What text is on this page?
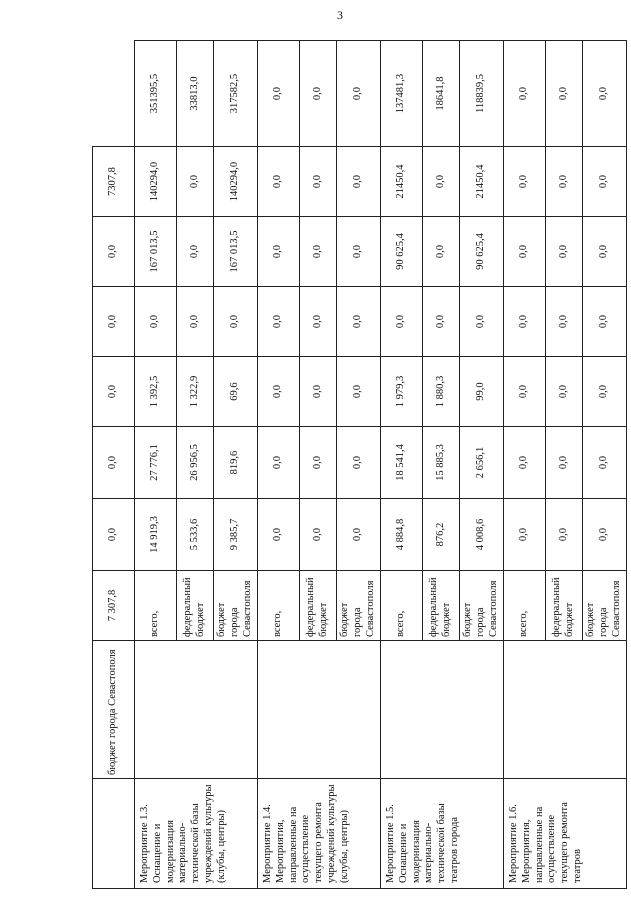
3
	бюджет города Севастополя	7 307,8	0,0	0,0	0,0	0,0	0,0	7307,8	
Мероприятие 1.3. Оснащение и модернизация материально-технической базы учреждений культуры (клубы, центры)		всего,	14 919,3	27 776,1	1 392,5	0,0	167 013,5	140294,0	351395,5
		федеральный бюджет	5 533,6	26 956,5	1 322,9	0,0	0,0	0,0	33813,0
		бюджет города Севастополя	9 385,7	819,6	69,6	0,0	167 013,5	140294,0	317582,5
Мероприятие 1.4. Мероприятия, направленные на осуществление текущего ремонта учреждений культуры (клубы, центры)		всего,	0,0	0,0	0,0	0,0	0,0	0,0	0,0
		федеральный бюджет	0,0	0,0	0,0	0,0	0,0	0,0	0,0
		бюджет города Севастополя	0,0	0,0	0,0	0,0	0,0	0,0	0,0
Мероприятие 1.5. Оснащение и модернизация материально-технической базы театров города		всего,	4 884,8	18 541,4	1 979,3	0,0	90 625,4	21450,4	137481,3
		федеральный бюджет	876,2	15 885,3	1 880,3	0,0	0,0	0,0	18641,8
		бюджет города Севастополя	4 008,6	2 656,1	99,0	0,0	90 625,4	21450,4	118839,5
Мероприятие 1.6. Мероприятия, направленные на осуществление текущего ремонта театров		всего,	0,0	0,0	0,0	0,0	0,0	0,0	0,0
		федеральный бюджет	0,0	0,0	0,0	0,0	0,0	0,0	0,0
		бюджет города Севастополя	0,0	0,0	0,0	0,0	0,0	0,0	0,0
